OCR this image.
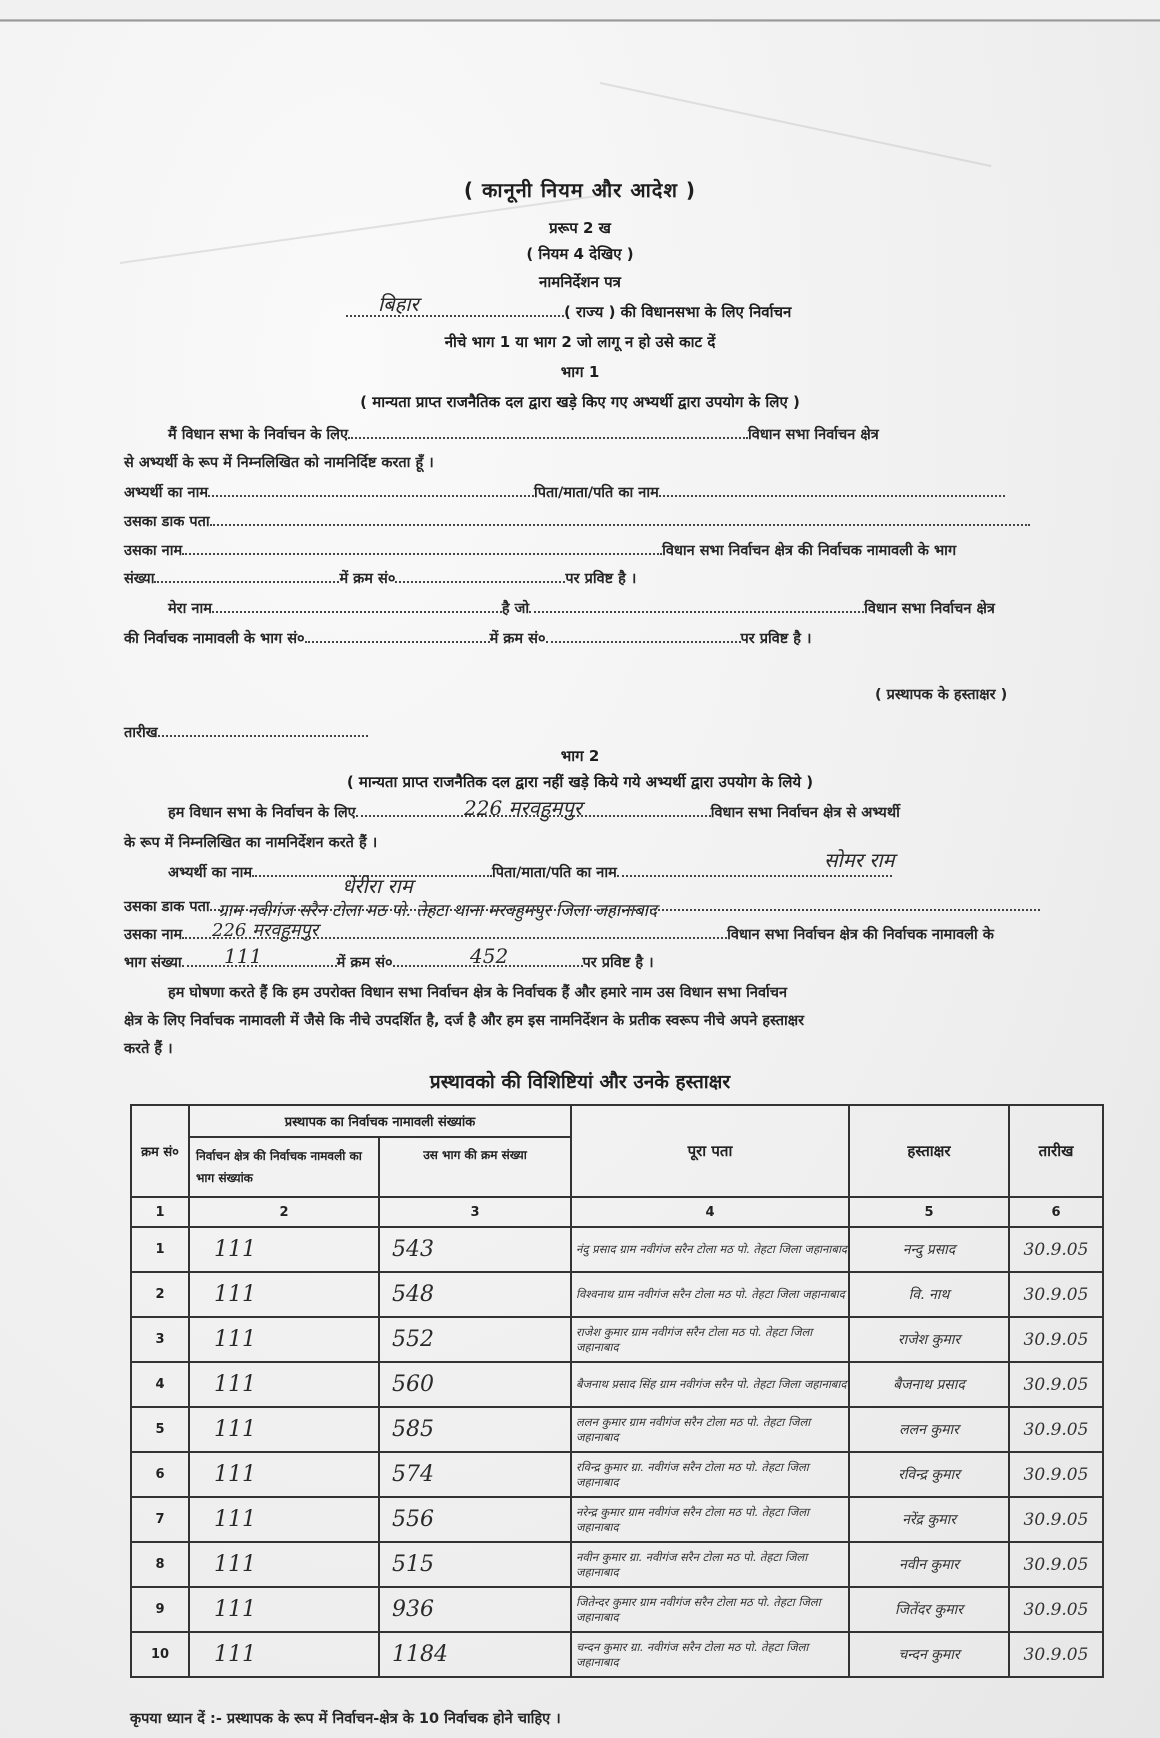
( कानूनी नियम और आदेश )
प्ररूप 2 ख
( नियम 4 देखिए )
नामनिर्देशन पत्र
( राज्य ) की विधानसभा के लिए निर्वाचन
बिहार
नीचे भाग 1 या भाग 2 जो लागू न हो उसे काट दें
भाग 1
( मान्यता प्राप्त राजनैतिक दल द्वारा खड़े किए गए अभ्यर्थी द्वारा उपयोग के लिए )
मैं विधान सभा के निर्वाचन के लिए	विधान सभा निर्वाचन क्षेत्र
से अभ्यर्थी के रूप में निम्नलिखित को नामनिर्दिष्ट करता हूँ ।
अभ्यर्थी का नाम	पिता/माता/पति का नाम
उसका डाक पता
उसका नाम	विधान सभा निर्वाचन क्षेत्र की निर्वाचक नामावली के भाग
संख्या	में क्रम सं०	पर प्रविष्ट है ।
मेरा नाम	है जो	विधान सभा निर्वाचन क्षेत्र
की निर्वाचक नामावली के भाग सं०	में क्रम सं०	पर प्रविष्ट है ।
( प्रस्थापक के हस्ताक्षर )
तारीख
भाग 2
( मान्यता प्राप्त राजनैतिक दल द्वारा नहीं खड़े किये गये अभ्यर्थी द्वारा उपयोग के लिये )
हम विधान सभा के निर्वाचन के लिए	विधान सभा निर्वाचन क्षेत्र से अभ्यर्थी
226 मरवहुमपुर
के रूप में निम्नलिखित का नामनिर्देशन करते हैं ।
अभ्यर्थी का नाम	पिता/माता/पति का नाम
सोमर राम
धेरीरा राम
उसका डाक पता ग्राम नवीगंज सरैन टोला मठ पो. तेहटा थाना मरवहुमपुर जिला जहानाबाद
उसका नाम	विधान सभा निर्वाचन क्षेत्र की निर्वाचक नामावली के
226 मरवहुमपुर
भाग संख्या	में क्रम सं०	पर प्रविष्ट है ।
111	452
हम घोषणा करते हैं कि हम उपरोक्त विधान सभा निर्वाचन क्षेत्र के निर्वाचक हैं और हमारे नाम उस विधान सभा निर्वाचन
क्षेत्र के लिए निर्वाचक नामावली में जैसे कि नीचे उपदर्शित है, दर्ज है और हम इस नामनिर्देशन के प्रतीक स्वरूप नीचे अपने हस्ताक्षर
करते हैं ।
प्रस्थावको की विशिष्टियां और उनके हस्ताक्षर
क्रम सं०	प्रस्थापक का निर्वाचक नामावली संख्यांक		पूरा पता	हस्ताक्षर	तारीख
	निर्वाचन क्षेत्र की निर्वाचक नामवली का भाग संख्यांक	उस भाग की क्रम संख्या			
1	2	3	4	5	6
1	111	543	नंदु प्रसाद ग्राम नवीगंज सरैन टोला मठ पो. तेहटा जिला जहानाबाद	नन्दु प्रसाद	30.9.05
2	111	548	विश्वनाथ ग्राम नवीगंज सरैन टोला मठ पो. तेहटा जिला जहानाबाद	वि. नाथ	30.9.05
3	111	552	राजेश कुमार ग्राम नवीगंज सरैन टोला मठ पो. तेहटा जिला जहानाबाद	राजेश कुमार	30.9.05
4	111	560	बैजनाथ प्रसाद सिंह ग्राम नवीगंज सरैन पो. तेहटा जिला जहानाबाद	बैजनाथ प्रसाद	30.9.05
5	111	585	ललन कुमार ग्राम नवीगंज सरैन टोला मठ पो. तेहटा जिला जहानाबाद	ललन कुमार	30.9.05
6	111	574	रविन्द्र कुमार ग्रा. नवीगंज सरैन टोला मठ पो. तेहटा जिला जहानाबाद	रविन्द्र कुमार	30.9.05
7	111	556	नरेन्द्र कुमार ग्राम नवीगंज सरैन टोला मठ पो. तेहटा जिला जहानाबाद	नरेंद्र कुमार	30.9.05
8	111	515	नवीन कुमार ग्रा. नवीगंज सरैन टोला मठ पो. तेहटा जिला जहानाबाद	नवीन कुमार	30.9.05
9	111	936	जितेन्दर कुमार ग्राम नवीगंज सरैन टोला मठ पो. तेहटा जिला जहानाबाद	जितेंदर कुमार	30.9.05
10	111	1184	चन्दन कुमार ग्रा. नवीगंज सरैन टोला मठ पो. तेहटा जिला जहानाबाद	चन्दन कुमार	30.9.05
कृपया ध्यान दें :- प्रस्थापक के रूप में निर्वाचन-क्षेत्र के 10 निर्वाचक होने चाहिए ।
